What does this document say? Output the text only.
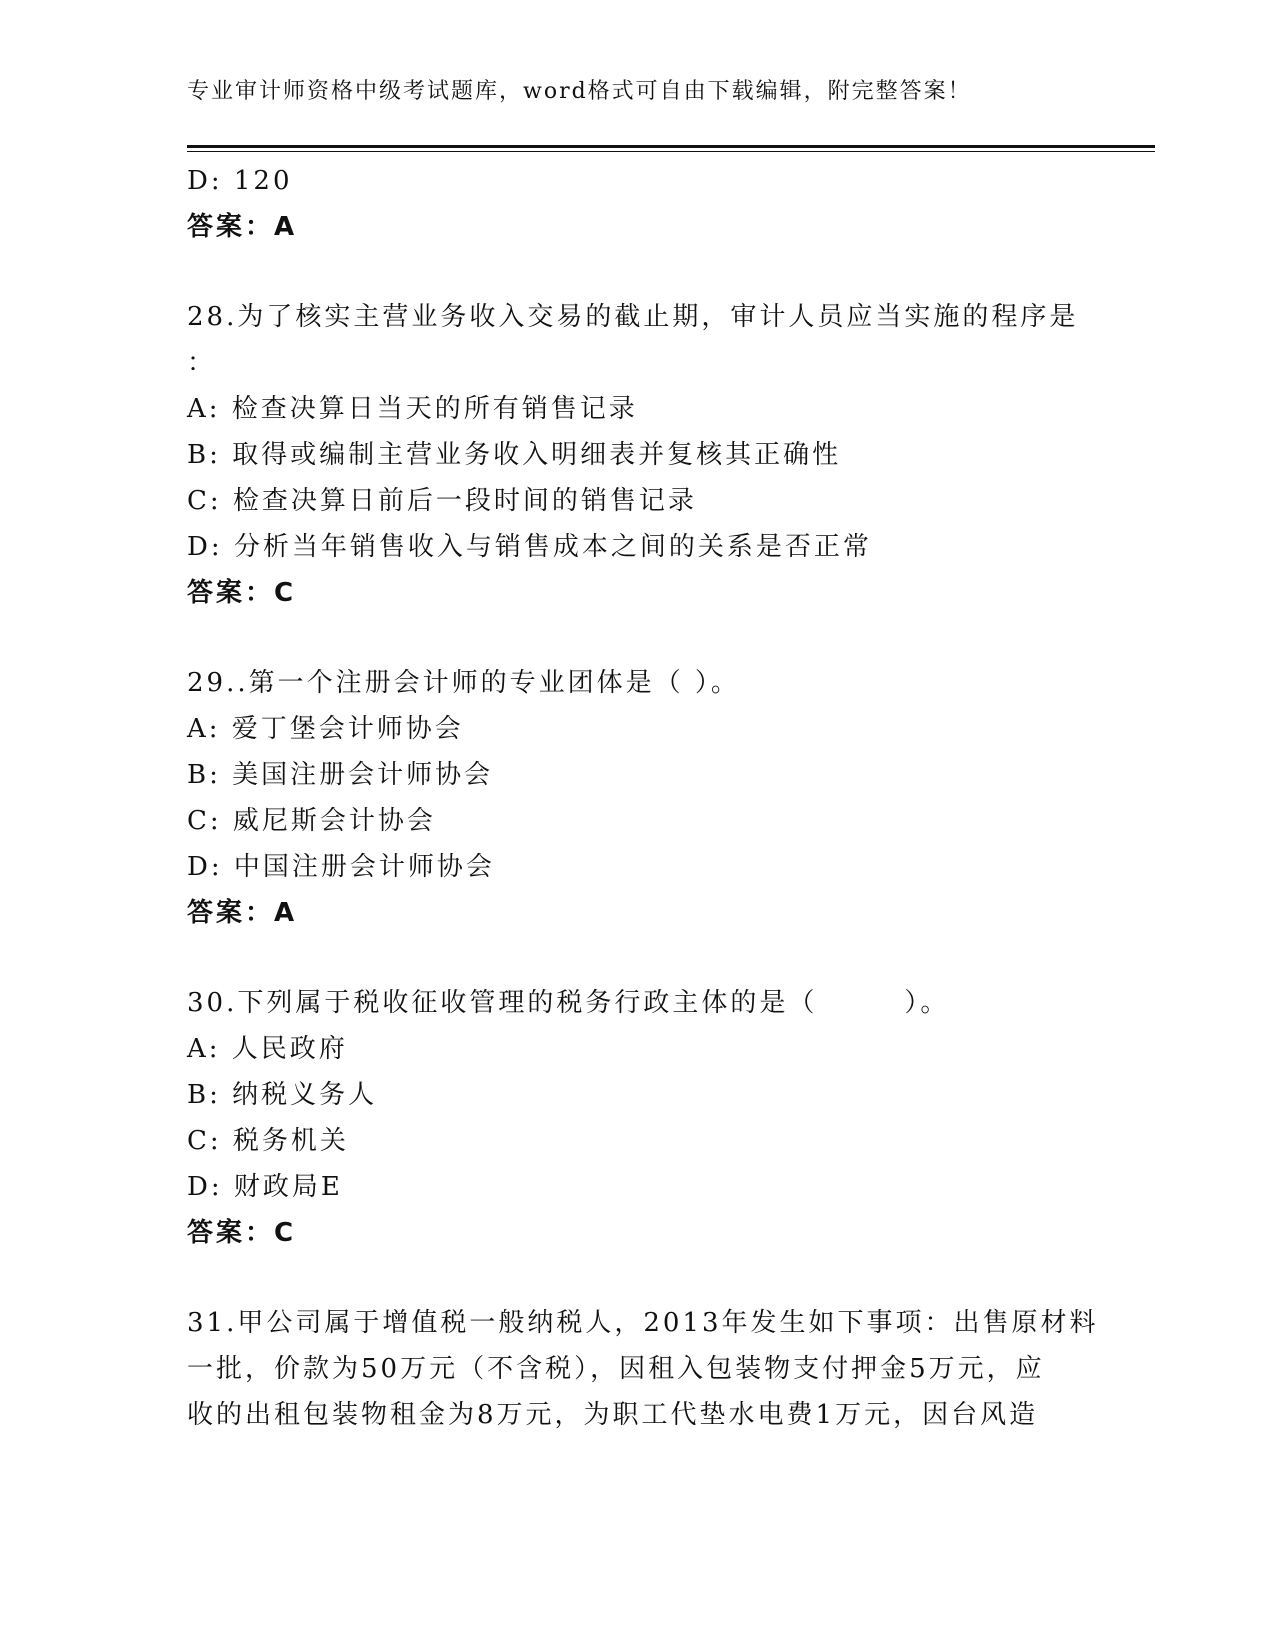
专业审计师资格中级考试题库，word格式可自由下载编辑，附完整答案！
D: 120
答案：A
28.为了核实主营业务收入交易的截止期，审计人员应当实施的程序是
：
A: 检查决算日当天的所有销售记录
B: 取得或编制主营业务收入明细表并复核其正确性
C: 检查决算日前后一段时间的销售记录
D: 分析当年销售收入与销售成本之间的关系是否正常
答案：C
29..第一个注册会计师的专业团体是（ ）。
A: 爱丁堡会计师协会
B: 美国注册会计师协会
C: 威尼斯会计协会
D: 中国注册会计师协会
答案：A
30.下列属于税收征收管理的税务行政主体的是（　　　）。
A: 人民政府
B: 纳税义务人
C: 税务机关
D: 财政局E
答案：C
31.甲公司属于增值税一般纳税人，2013年发生如下事项：出售原材料
一批，价款为50万元（不含税），因租入包装物支付押金5万元，应
收的出租包装物租金为8万元，为职工代垫水电费1万元，因台风造
